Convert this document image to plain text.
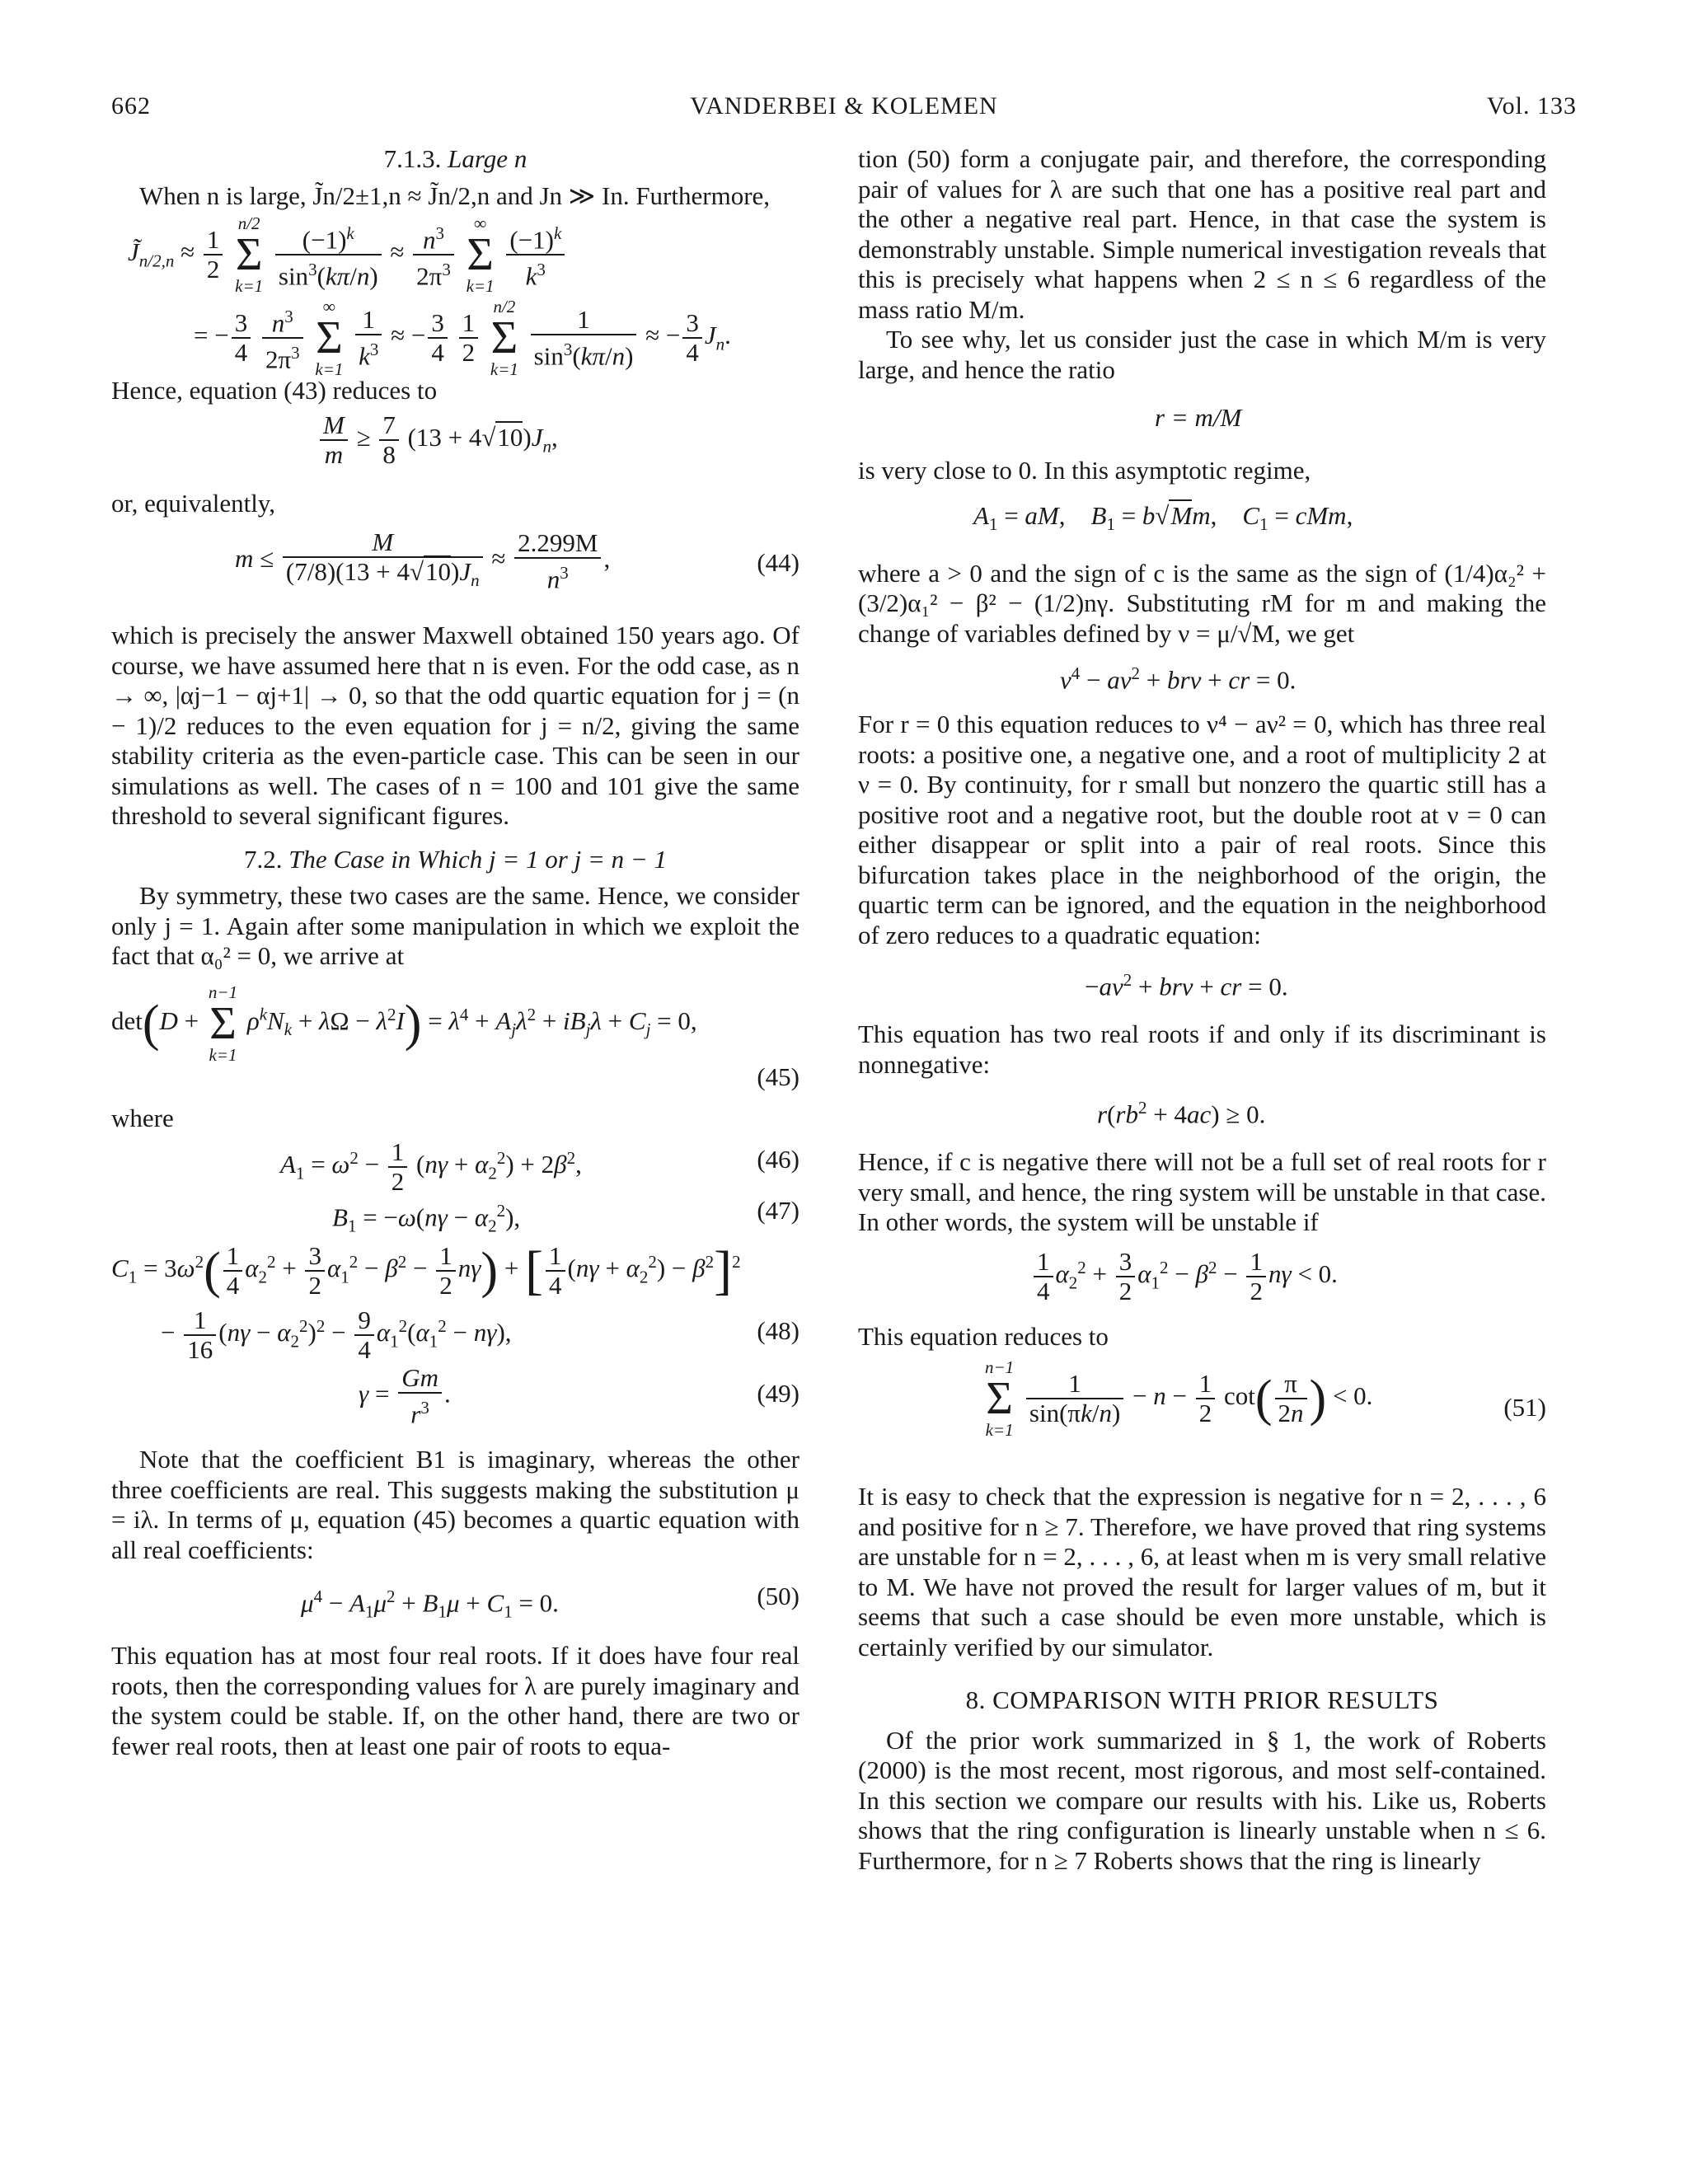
662	VANDERBEI & KOLEMEN	Vol. 133

7.1.3. Large n

When n is large, J̃n/2±1,n ≈ J̃n/2,n and Jn ≫ In. Furthermore,

$J̃_{n/2,n} \approx \frac{1}{2}$

n/2
Σ
k=1
$\frac{(-1)^k}{\sin^3(k\pi/n)} \approx \frac{n^3}{2\pi^3}$
	∞
Σ
k=1
$\frac{(-1)^k}{k^3}$
= − $\frac{3}{4}$
$\frac{n^3}{2\pi^3}$
	∞
Σ
k=1
$\frac{1}{k^3}$ ≈ − $\frac{3}{4}$
$\frac{1}{2}$

n/2
Σ
k=1
$\frac{1}{\sin^3(k\pi/n)}$ ≈ − $\frac{3}{4} J_n$.

Hence, equation (43) reduces to

$\frac{M}{m} \ge \frac{7}{8} (13 + 4√10)J_n$,

or, equivalently,

$m \le \frac{M}{(7/8)(13 + 4√10)J_n} \approx \frac{2.299M}{n^3}$ ,	(44)

which is precisely the answer Maxwell obtained 150 years ago. Of course, we have assumed here that n is even. For the odd case, as n → ∞, |αj−1 − αj+1| → 0, so that the odd quartic equation for j = (n − 1)/2 reduces to the even equation for j = n/2, giving the same stability criteria as the even-particle case. This can be seen in our simulations as well. The cases of n = 100 and 101 give the same threshold to several significant figures.

7.2. The Case in Which j = 1 or j = n − 1

By symmetry, these two cases are the same. Hence, we consider only j = 1. Again after some manipulation in which we exploit the fact that α₀² = 0, we arrive at

det(D +
n−1
Σ
k=1
$\rho^kN_k + \lambda\Omega - \lambda^2I) = \lambda^4 + A_j\lambda^2 + iB_j\lambda + C_j = 0$,
(45)

where

$A_1 = \omega^2 - \frac{1}{2} (n\gamma + \alpha_2^2) + 2\beta^2$,	(46)
$B_1 = -\omega(n\gamma - \alpha_2^2)$,	(47)
$C_1 = 3\omega^2( \frac{1}{4} \alpha_2^2 + \frac{3}{2} \alpha_1^2 - \beta^2 - \frac{1}{2} n\gamma)$ + [ $\frac{1}{4} (n\gamma + \alpha_2^2) - \beta^2]^2$
− $\frac{1}{16} (n\gamma - \alpha_2^2)^2 - \frac{9}{4} \alpha_1^2(\alpha_1^2 - n\gamma)$,	(48)
$\gamma = \frac{Gm}{r^3}$ .	(49)

Note that the coefficient B1 is imaginary, whereas the other three coefficients are real. This suggests making the substitution μ = iλ. In terms of μ, equation (45) becomes a quartic equation with all real coefficients:

$\mu^4 - A_1\mu^2 + B_1\mu + C_1 = 0$.	(50)

This equation has at most four real roots. If it does have four real roots, then the corresponding values for λ are purely imaginary and the system could be stable. If, on the other hand, there are two or fewer real roots, then at least one pair of roots to equa-

tion (50) form a conjugate pair, and therefore, the corresponding pair of values for λ are such that one has a positive real part and the other a negative real part. Hence, in that case the system is demonstrably unstable. Simple numerical investigation reveals that this is precisely what happens when 2 ≤ n ≤ 6 regardless of the mass ratio M/m.

To see why, let us consider just the case in which M/m is very large, and hence the ratio

r = m/M

is very close to 0. In this asymptotic regime,

$A_1$ = aM,    $B_1 = b√Mm$,    $C_1$ = cMm,

where a > 0 and the sign of c is the same as the sign of (1/4)α₂² + (3/2)α₁² − β² − (1/2)nγ. Substituting rM for m and making the change of variables defined by ν = μ/√M, we get

$\nu^4 - a\nu^2 + br\nu$ + cr = 0.

For r = 0 this equation reduces to ν⁴ − aν² = 0, which has three real roots: a positive one, a negative one, and a root of multiplicity 2 at ν = 0. By continuity, for r small but nonzero the quartic still has a positive root and a negative root, but the double root at ν = 0 can either disappear or split into a pair of real roots. Since this bifurcation takes place in the neighborhood of the origin, the quartic term can be ignored, and the equation in the neighborhood of zero reduces to a quadratic equation:

$-a\nu^2 + br\nu$ + cr = 0.

This equation has two real roots if and only if its discriminant is nonnegative:

$r(rb^2 + 4ac) \ge 0$.

Hence, if c is negative there will not be a full set of real roots for r very small, and hence, the ring system will be unstable in that case. In other words, the system will be unstable if

$\frac{1}{4} \alpha_2^2 + \frac{3}{2} \alpha_1^2 - \beta^2 - \frac{1}{2}$ nγ < 0.

This equation reduces to

n−1
Σ
k=1

$\frac{1}{\sin(\pi k/n)} - n - \frac{1}{2} \cot( \frac{\pi}{2n}$ ) < 0.	(51)

It is easy to check that the expression is negative for n = 2, . . . , 6 and positive for n ≥ 7. Therefore, we have proved that ring systems are unstable for n = 2, . . . , 6, at least when m is very small relative to M. We have not proved the result for larger values of m, but it seems that such a case should be even more unstable, which is certainly verified by our simulator.

8. COMPARISON WITH PRIOR RESULTS

Of the prior work summarized in § 1, the work of Roberts (2000) is the most recent, most rigorous, and most self-contained. In this section we compare our results with his. Like us, Roberts shows that the ring configuration is linearly unstable when n ≤ 6. Furthermore, for n ≥ 7 Roberts shows that the ring is linearly
